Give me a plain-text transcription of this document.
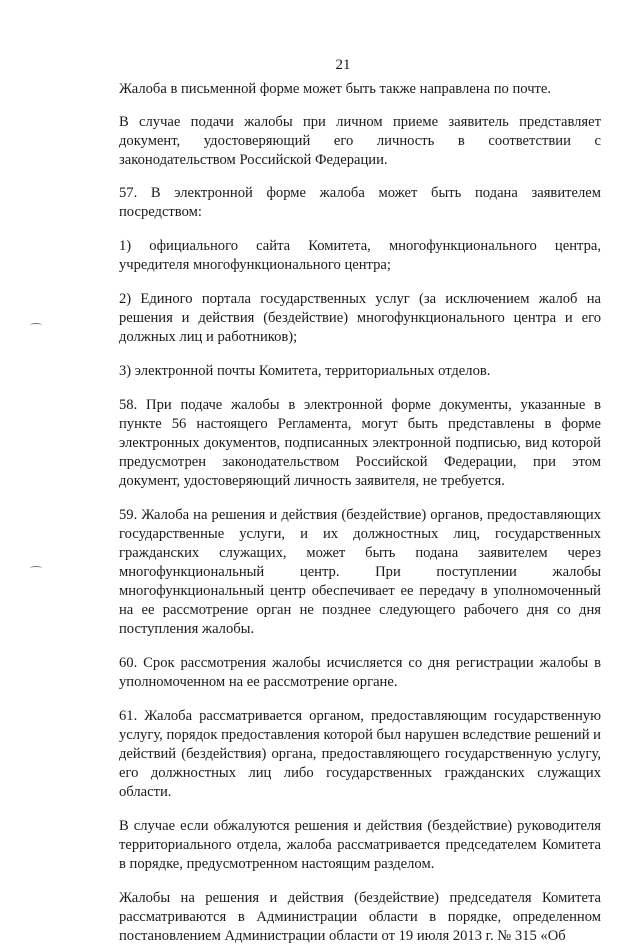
21

Жалоба в письменной форме может быть также направлена по почте.

В случае подачи жалобы при личном приеме заявитель представляет документ, удостоверяющий его личность в соответствии с законодательством Российской Федерации.

57. В электронной форме жалоба может быть подана заявителем посредством:

1) официального сайта Комитета, многофункционального центра, учредителя многофункционального центра;

2) Единого портала государственных услуг (за исключением жалоб на решения и действия (бездействие) многофункционального центра и его должных лиц и работников);

3) электронной почты Комитета, территориальных отделов.

58. При подаче жалобы в электронной форме документы, указанные в пункте 56 настоящего Регламента, могут быть представлены в форме электронных документов, подписанных электронной подписью, вид которой предусмотрен законодательством Российской Федерации, при этом документ, удостоверяющий личность заявителя, не требуется.

59. Жалоба на решения и действия (бездействие) органов, предоставляющих государственные услуги, и их должностных лиц, государственных гражданских служащих, может быть подана заявителем через многофункциональный центр. При поступлении жалобы многофункциональный центр обеспечивает ее передачу в уполномоченный на ее рассмотрение орган не позднее следующего рабочего дня со дня поступления жалобы.

60. Срок рассмотрения жалобы исчисляется со дня регистрации жалобы в уполномоченном на ее рассмотрение органе.

61. Жалоба рассматривается органом, предоставляющим государственную услугу, порядок предоставления которой был нарушен вследствие решений и действий (бездействия) органа, предоставляющего государственную услугу, его должностных лиц либо государственных гражданских служащих области.

В случае если обжалуются решения и действия (бездействие) руководителя территориального отдела, жалоба рассматривается председателем Комитета в порядке, предусмотренном настоящим разделом.

Жалобы на решения и действия (бездействие) председателя Комитета рассматриваются в Администрации области в порядке, определенном постановлением Администрации области от 19 июля 2013 г. № 315 «Об
